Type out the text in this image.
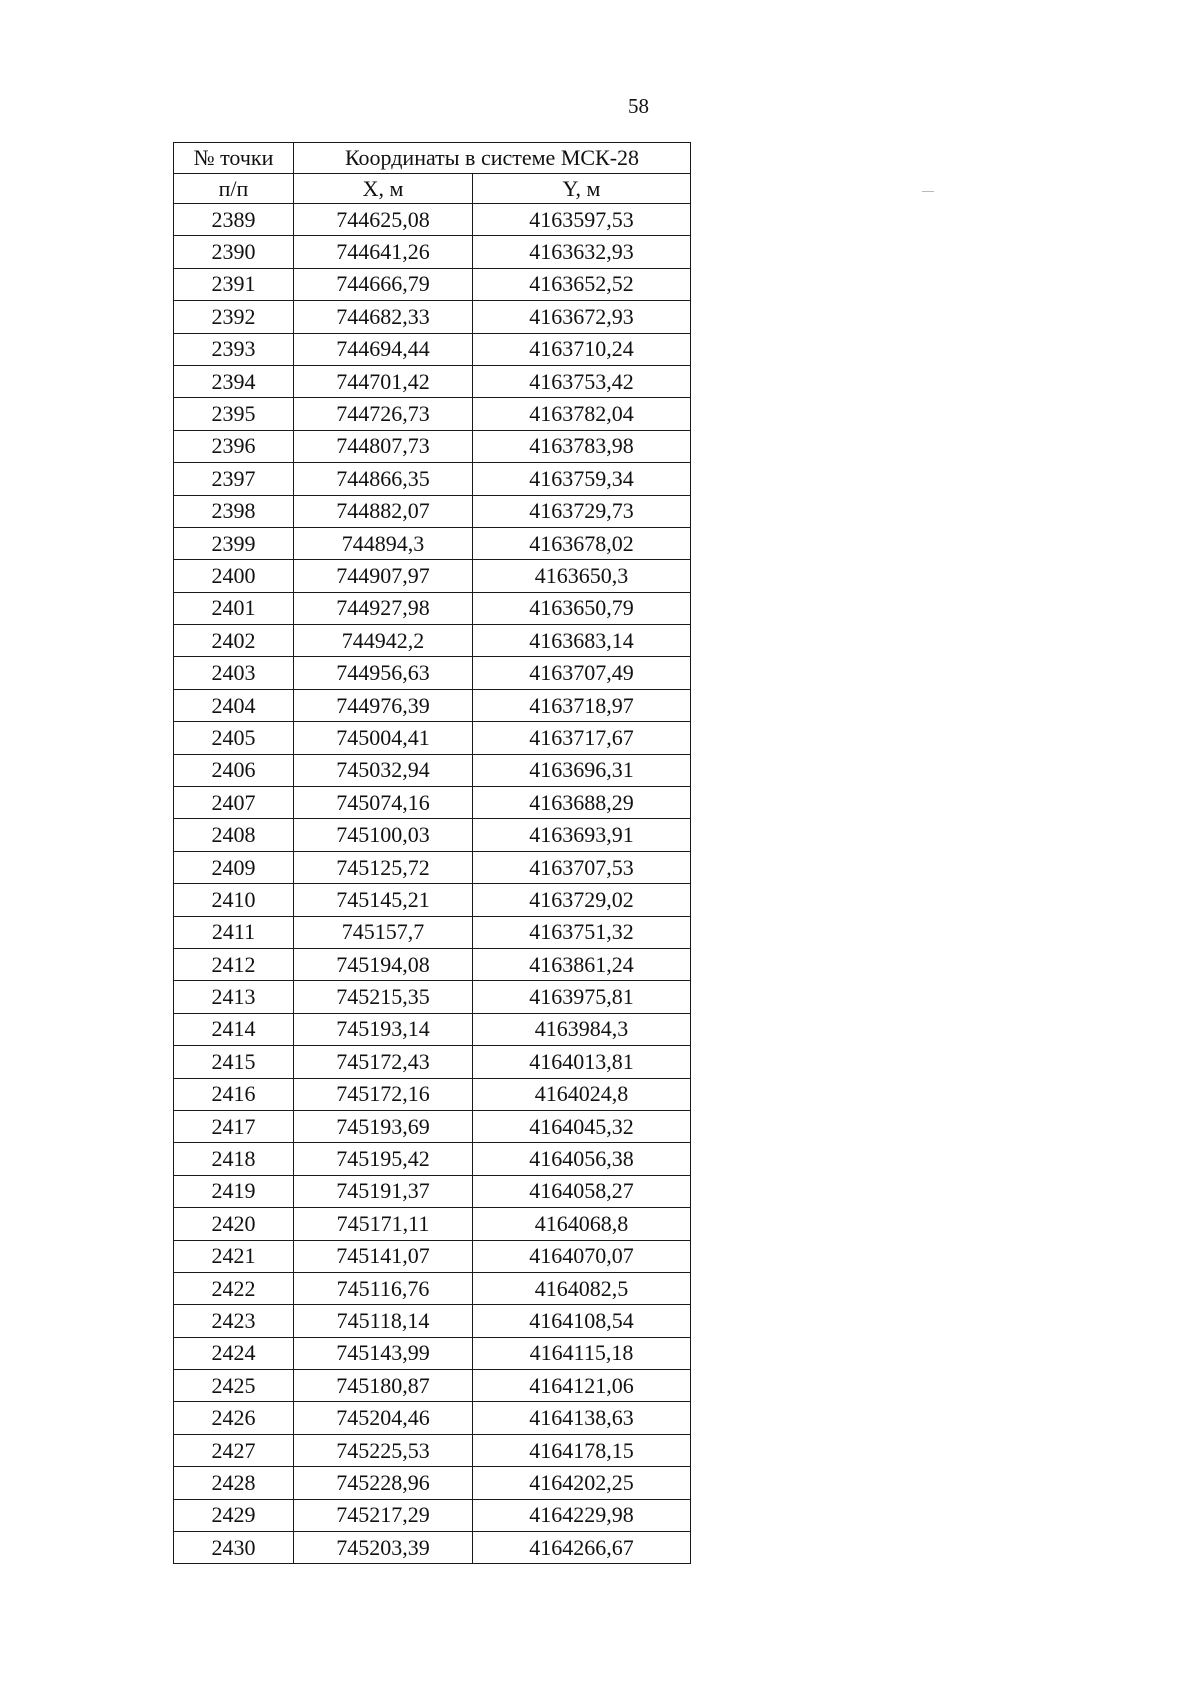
58
№ точки	Координаты в системе МСК-28	
п/п	X, м	Y, м
2389	744625,08	4163597,53
2390	744641,26	4163632,93
2391	744666,79	4163652,52
2392	744682,33	4163672,93
2393	744694,44	4163710,24
2394	744701,42	4163753,42
2395	744726,73	4163782,04
2396	744807,73	4163783,98
2397	744866,35	4163759,34
2398	744882,07	4163729,73
2399	744894,3	4163678,02
2400	744907,97	4163650,3
2401	744927,98	4163650,79
2402	744942,2	4163683,14
2403	744956,63	4163707,49
2404	744976,39	4163718,97
2405	745004,41	4163717,67
2406	745032,94	4163696,31
2407	745074,16	4163688,29
2408	745100,03	4163693,91
2409	745125,72	4163707,53
2410	745145,21	4163729,02
2411	745157,7	4163751,32
2412	745194,08	4163861,24
2413	745215,35	4163975,81
2414	745193,14	4163984,3
2415	745172,43	4164013,81
2416	745172,16	4164024,8
2417	745193,69	4164045,32
2418	745195,42	4164056,38
2419	745191,37	4164058,27
2420	745171,11	4164068,8
2421	745141,07	4164070,07
2422	745116,76	4164082,5
2423	745118,14	4164108,54
2424	745143,99	4164115,18
2425	745180,87	4164121,06
2426	745204,46	4164138,63
2427	745225,53	4164178,15
2428	745228,96	4164202,25
2429	745217,29	4164229,98
2430	745203,39	4164266,67
